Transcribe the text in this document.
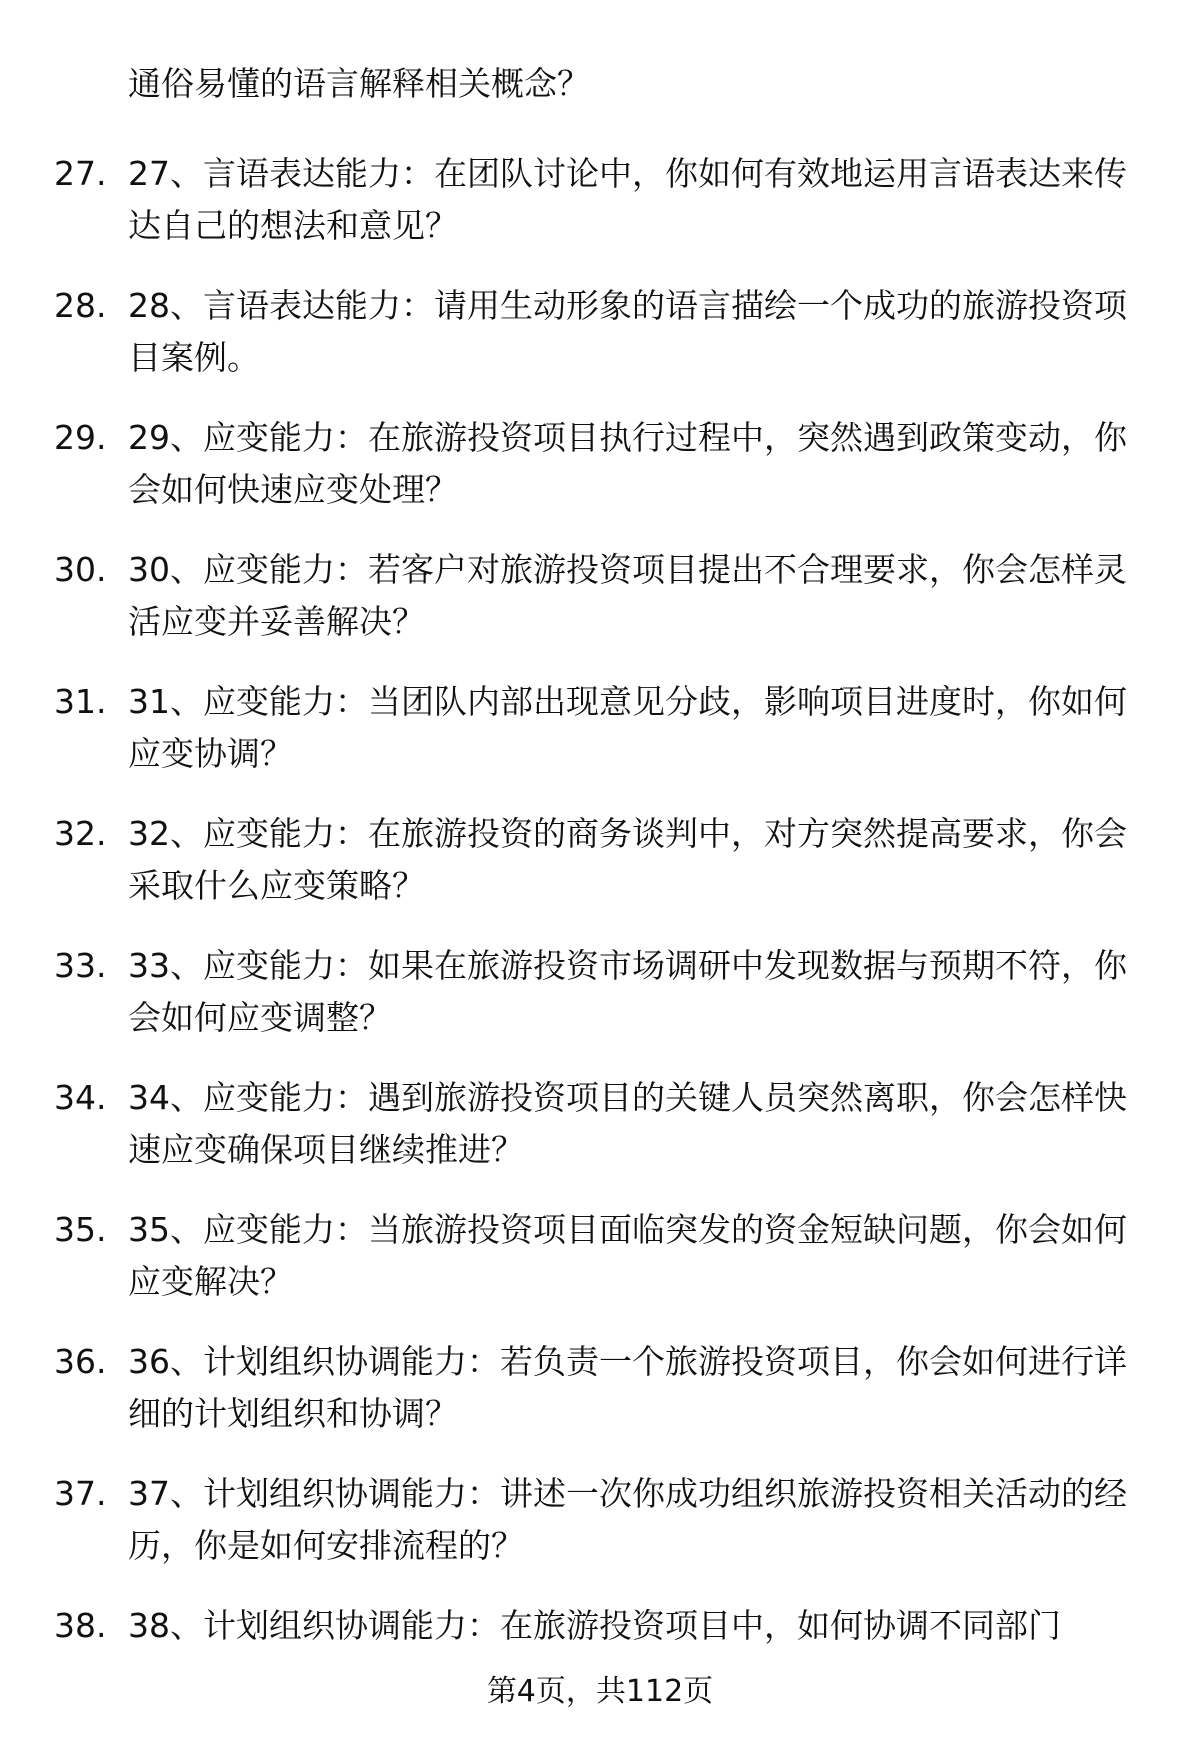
通俗易懂的语言解释相关概念？
27. 27、言语表达能力：在团队讨论中，你如何有效地运用言语表达来传达自己的想法和意见？
28. 28、言语表达能力：请用生动形象的语言描绘一个成功的旅游投资项目案例。
29. 29、应变能力：在旅游投资项目执行过程中，突然遇到政策变动，你会如何快速应变处理？
30. 30、应变能力：若客户对旅游投资项目提出不合理要求，你会怎样灵活应变并妥善解决？
31. 31、应变能力：当团队内部出现意见分歧，影响项目进度时，你如何应变协调？
32. 32、应变能力：在旅游投资的商务谈判中，对方突然提高要求，你会采取什么应变策略？
33. 33、应变能力：如果在旅游投资市场调研中发现数据与预期不符，你会如何应变调整？
34. 34、应变能力：遇到旅游投资项目的关键人员突然离职，你会怎样快速应变确保项目继续推进？
35. 35、应变能力：当旅游投资项目面临突发的资金短缺问题，你会如何应变解决？
36. 36、计划组织协调能力：若负责一个旅游投资项目，你会如何进行详细的计划组织和协调？
37. 37、计划组织协调能力：讲述一次你成功组织旅游投资相关活动的经历，你是如何安排流程的？
38. 38、计划组织协调能力：在旅游投资项目中，如何协调不同部门
第4页，共112页
